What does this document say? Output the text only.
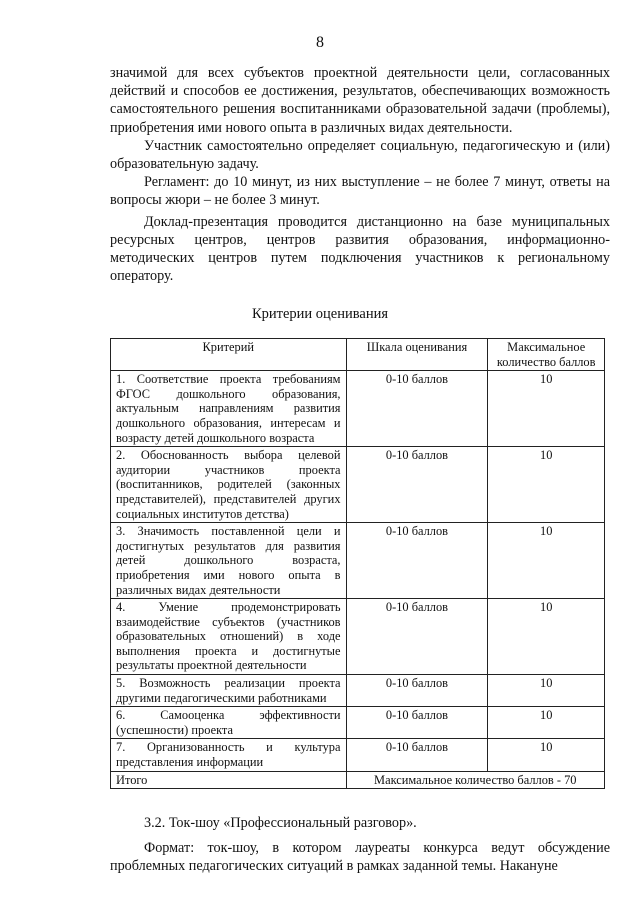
8

значимой для всех субъектов проектной деятельности цели, согласованных действий и способов ее достижения, результатов, обеспечивающих возможность самостоятельного решения воспитанниками образовательной задачи (проблемы), приобретения ими нового опыта в различных видах деятельности.

Участник самостоятельно определяет социальную, педагогическую и (или) образовательную задачу.

Регламент: до 10 минут, из них выступление – не более 7 минут, ответы на вопросы жюри – не более 3 минут.

Доклад-презентация проводится дистанционно на базе муниципальных ресурсных центров, центров развития образования, информационно-методических центров путем подключения участников к региональному оператору.

Критерии оценивания
Критерий	Шкала оценивания	Максимальное количество баллов
1. Соответствие проекта требованиям ФГОС дошкольного образования, актуальным направлениям развития дошкольного образования, интересам и возрасту детей дошкольного возраста	0-10 баллов	10
2. Обоснованность выбора целевой аудитории участников проекта (воспитанников, родителей (законных представителей), представителей других социальных институтов детства)	0-10 баллов	10
3. Значимость поставленной цели и достигнутых результатов для развития детей дошкольного возраста, приобретения ими нового опыта в различных видах деятельности	0-10 баллов	10
4. Умение продемонстрировать взаимодействие субъектов (участников образовательных отношений) в ходе выполнения проекта и достигнутые результаты проектной деятельности	0-10 баллов	10
5. Возможность реализации проекта другими педагогическими работниками	0-10 баллов	10
6. Самооценка эффективности (успешности) проекта	0-10 баллов	10
7. Организованность и культура представления информации	0-10 баллов	10
Итого	Максимальное количество баллов - 70	

3.2. Ток-шоу «Профессиональный разговор».

Формат: ток-шоу, в котором лауреаты конкурса ведут обсуждение проблемных педагогических ситуаций в рамках заданной темы. Накануне
